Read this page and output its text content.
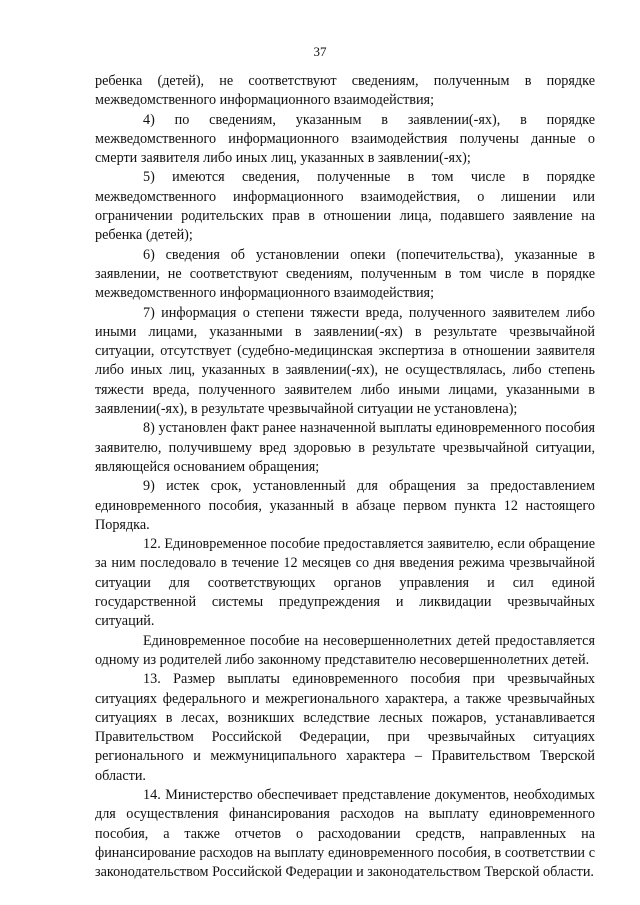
37

ребенка (детей), не соответствуют сведениям, полученным в порядке межведомственного информационного взаимодействия;

4) по сведениям, указанным в заявлении(-ях), в порядке межведомственного информационного взаимодействия получены данные о смерти заявителя либо иных лиц, указанных в заявлении(-ях);

5) имеются сведения, полученные в том числе в порядке межведомственного информационного взаимодействия, о лишении или ограничении родительских прав в отношении лица, подавшего заявление на ребенка (детей);

6) сведения об установлении опеки (попечительства), указанные в заявлении, не соответствуют сведениям, полученным в том числе в порядке межведомственного информационного взаимодействия;

7) информация о степени тяжести вреда, полученного заявителем либо иными лицами, указанными в заявлении(-ях) в результате чрезвычайной ситуации, отсутствует (судебно-медицинская экспертиза в отношении заявителя либо иных лиц, указанных в заявлении(-ях), не осуществлялась, либо степень тяжести вреда, полученного заявителем либо иными лицами, указанными в заявлении(-ях), в результате чрезвычайной ситуации не установлена);

8) установлен факт ранее назначенной выплаты единовременного пособия заявителю, получившему вред здоровью в результате чрезвычайной ситуации, являющейся основанием обращения;

9) истек срок, установленный для обращения за предоставлением единовременного пособия, указанный в абзаце первом пункта 12 настоящего Порядка.

12. Единовременное пособие предоставляется заявителю, если обращение за ним последовало в течение 12 месяцев со дня введения режима чрезвычайной ситуации для соответствующих органов управления и сил единой государственной системы предупреждения и ликвидации чрезвычайных ситуаций.

Единовременное пособие на несовершеннолетних детей предоставляется одному из родителей либо законному представителю несовершеннолетних детей.

13. Размер выплаты единовременного пособия при чрезвычайных ситуациях федерального и межрегионального характера, а также чрезвычайных ситуациях в лесах, возникших вследствие лесных пожаров, устанавливается Правительством Российской Федерации, при чрезвычайных ситуациях регионального и межмуниципального характера – Правительством Тверской области.

14. Министерство обеспечивает представление документов, необходимых для осуществления финансирования расходов на выплату единовременного пособия, а также отчетов о расходовании средств, направленных на финансирование расходов на выплату единовременного пособия, в соответствии с законодательством Российской Федерации и законодательством Тверской области.
